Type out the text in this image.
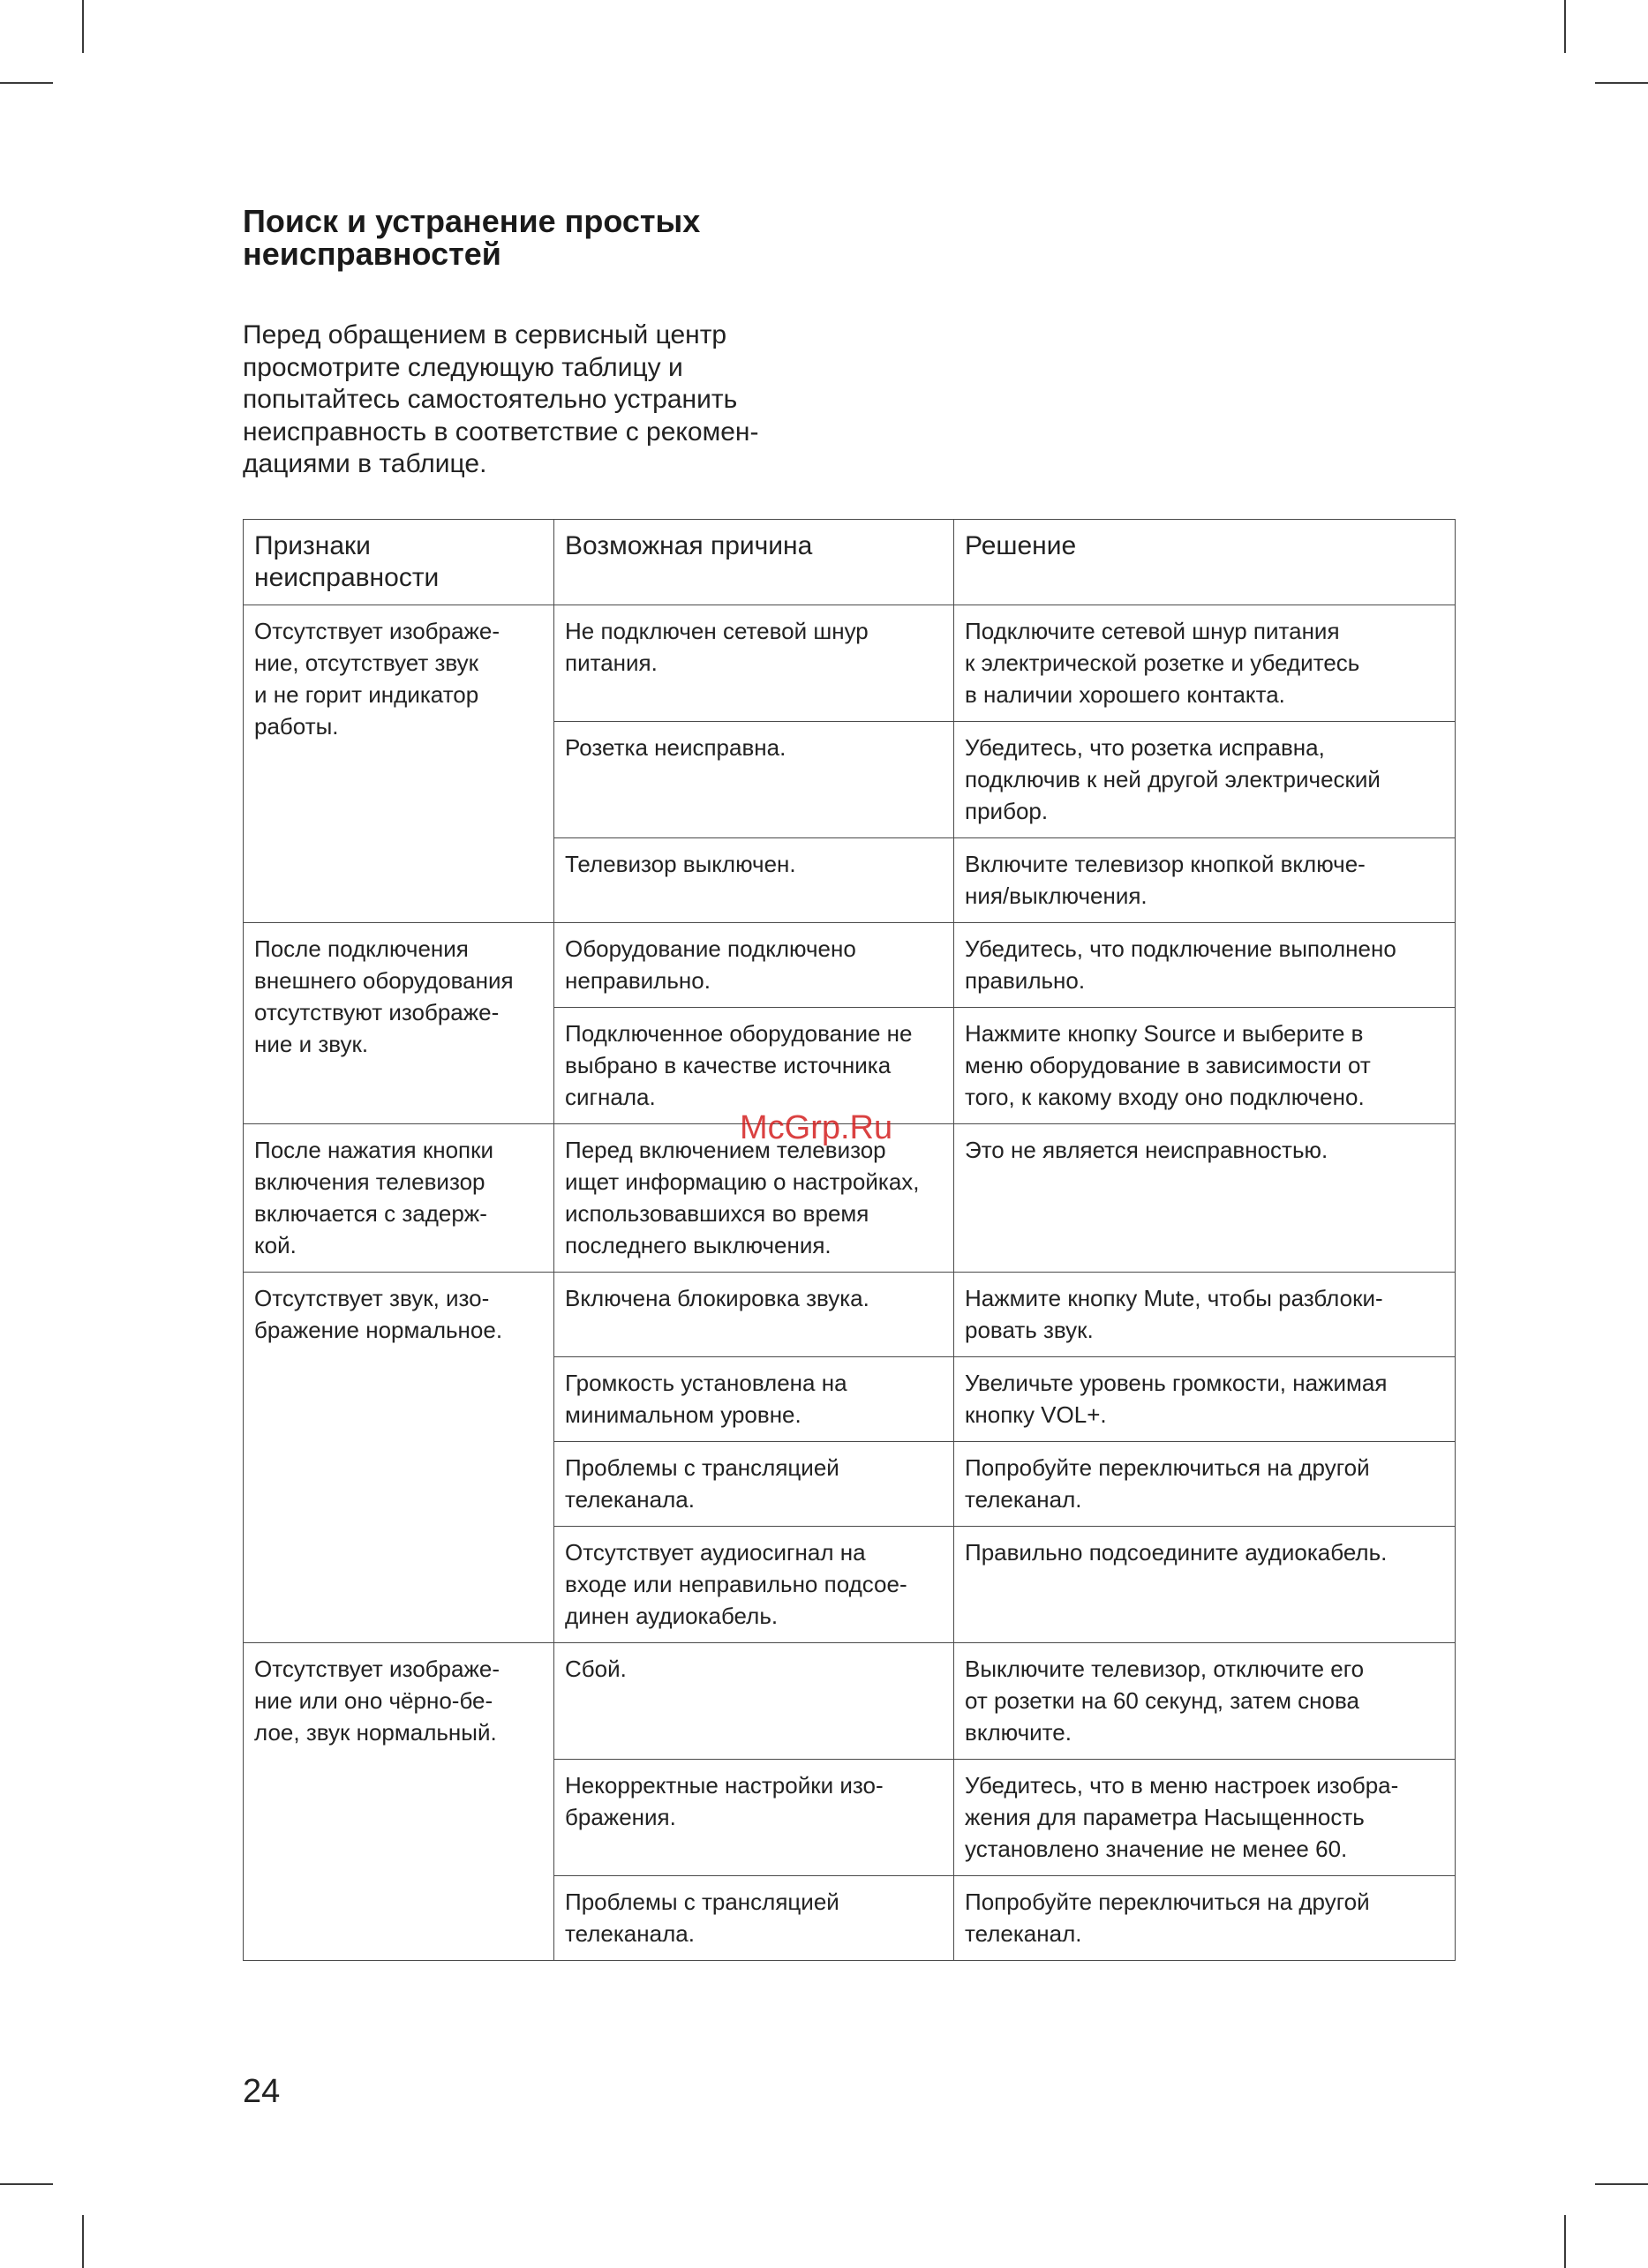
Поиск и устранение простых
неисправностей
Перед обращением в сервисный центр
просмотрите следующую таблицу и
попытайтесь самостоятельно устранить
неисправность в соответствие с рекомен-
дациями в таблице.
Признаки
неисправности	Возможная причина	Решение

Отсутствует изображе-
ние, отсутствует звук
и не горит индикатор
работы.	Не подключен сетевой шнур
питания.	Подключите сетевой шнур питания
к электрической розетке и убедитесь
в наличии хорошего контакта.

	Розетка неисправна.	Убедитесь, что розетка исправна,
подключив к ней другой электрический
прибор.

	Телевизор выключен.	Включите телевизор кнопкой включе-
ния/выключения.

После подключения
внешнего оборудования
отсутствуют изображе-
ние и звук.	Оборудование подключено
неправильно.	Убедитесь, что подключение выполнено
правильно.

	Подключенное оборудование не
выбрано в качестве источника
сигнала.	Нажмите кнопку Source и выберите в
меню оборудование в зависимости от
того, к какому входу оно подключено.

После нажатия кнопки
включения телевизор
включается с задерж-
кой.	Перед включением телевизор
ищет информацию о настройках,
использовавшихся во время
последнего выключения.	Это не является неисправностью.

Отсутствует звук, изо-
бражение нормальное.	Включена блокировка звука.	Нажмите кнопку Mute, чтобы разблоки-
ровать звук.

	Громкость установлена на
минимальном уровне.	Увеличьте уровень громкости, нажимая
кнопку VOL+.

	Проблемы с трансляцией
телеканала.	Попробуйте переключиться на другой
телеканал.

	Отсутствует аудиосигнал на
входе или неправильно подсое-
динен аудиокабель.	Правильно подсоедините аудиокабель.

Отсутствует изображе-
ние или оно чёрно-бе-
лое, звук нормальный.	Сбой.	Выключите телевизор, отключите его
от розетки на 60 секунд, затем снова
включите.

	Некорректные настройки изо-
бражения.	Убедитесь, что в меню настроек изобра-
жения для параметра Насыщенность
установлено значение не менее 60.

	Проблемы с трансляцией
телеканала.	Попробуйте переключиться на другой
телеканал.
McGrp.Ru
24
